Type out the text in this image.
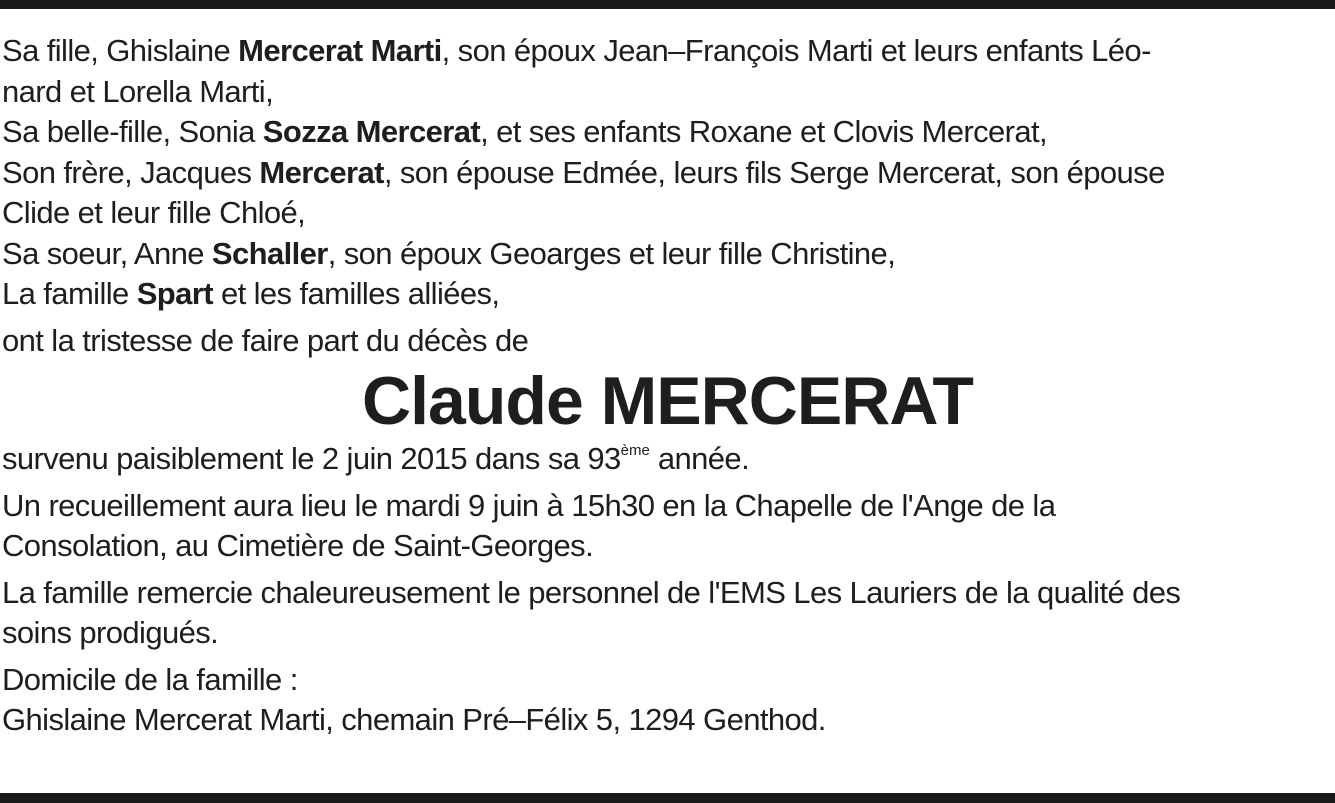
Sa fille, Ghislaine Mercerat Marti, son époux Jean–François Marti et leurs enfants Léo-
nard et Lorella Marti,
Sa belle-fille, Sonia Sozza Mercerat, et ses enfants Roxane et Clovis Mercerat,
Son frère, Jacques Mercerat, son épouse Edmée, leurs fils Serge Mercerat, son épouse
Clide et leur fille Chloé,
Sa soeur, Anne Schaller, son époux Geoarges et leur fille Christine,
La famille Spart et les familles alliées,
ont la tristesse de faire part du décès de
Claude MERCERAT
survenu paisiblement le 2 juin 2015 dans sa 93ème année.
Un recueillement aura lieu le mardi 9 juin à 15h30 en la Chapelle de l'Ange de la
Consolation, au Cimetière de Saint-Georges.
La famille remercie chaleureusement le personnel de l'EMS Les Lauriers de la qualité des
soins prodigués.
Domicile de la famille :
Ghislaine Mercerat Marti, chemain Pré–Félix 5, 1294 Genthod.
